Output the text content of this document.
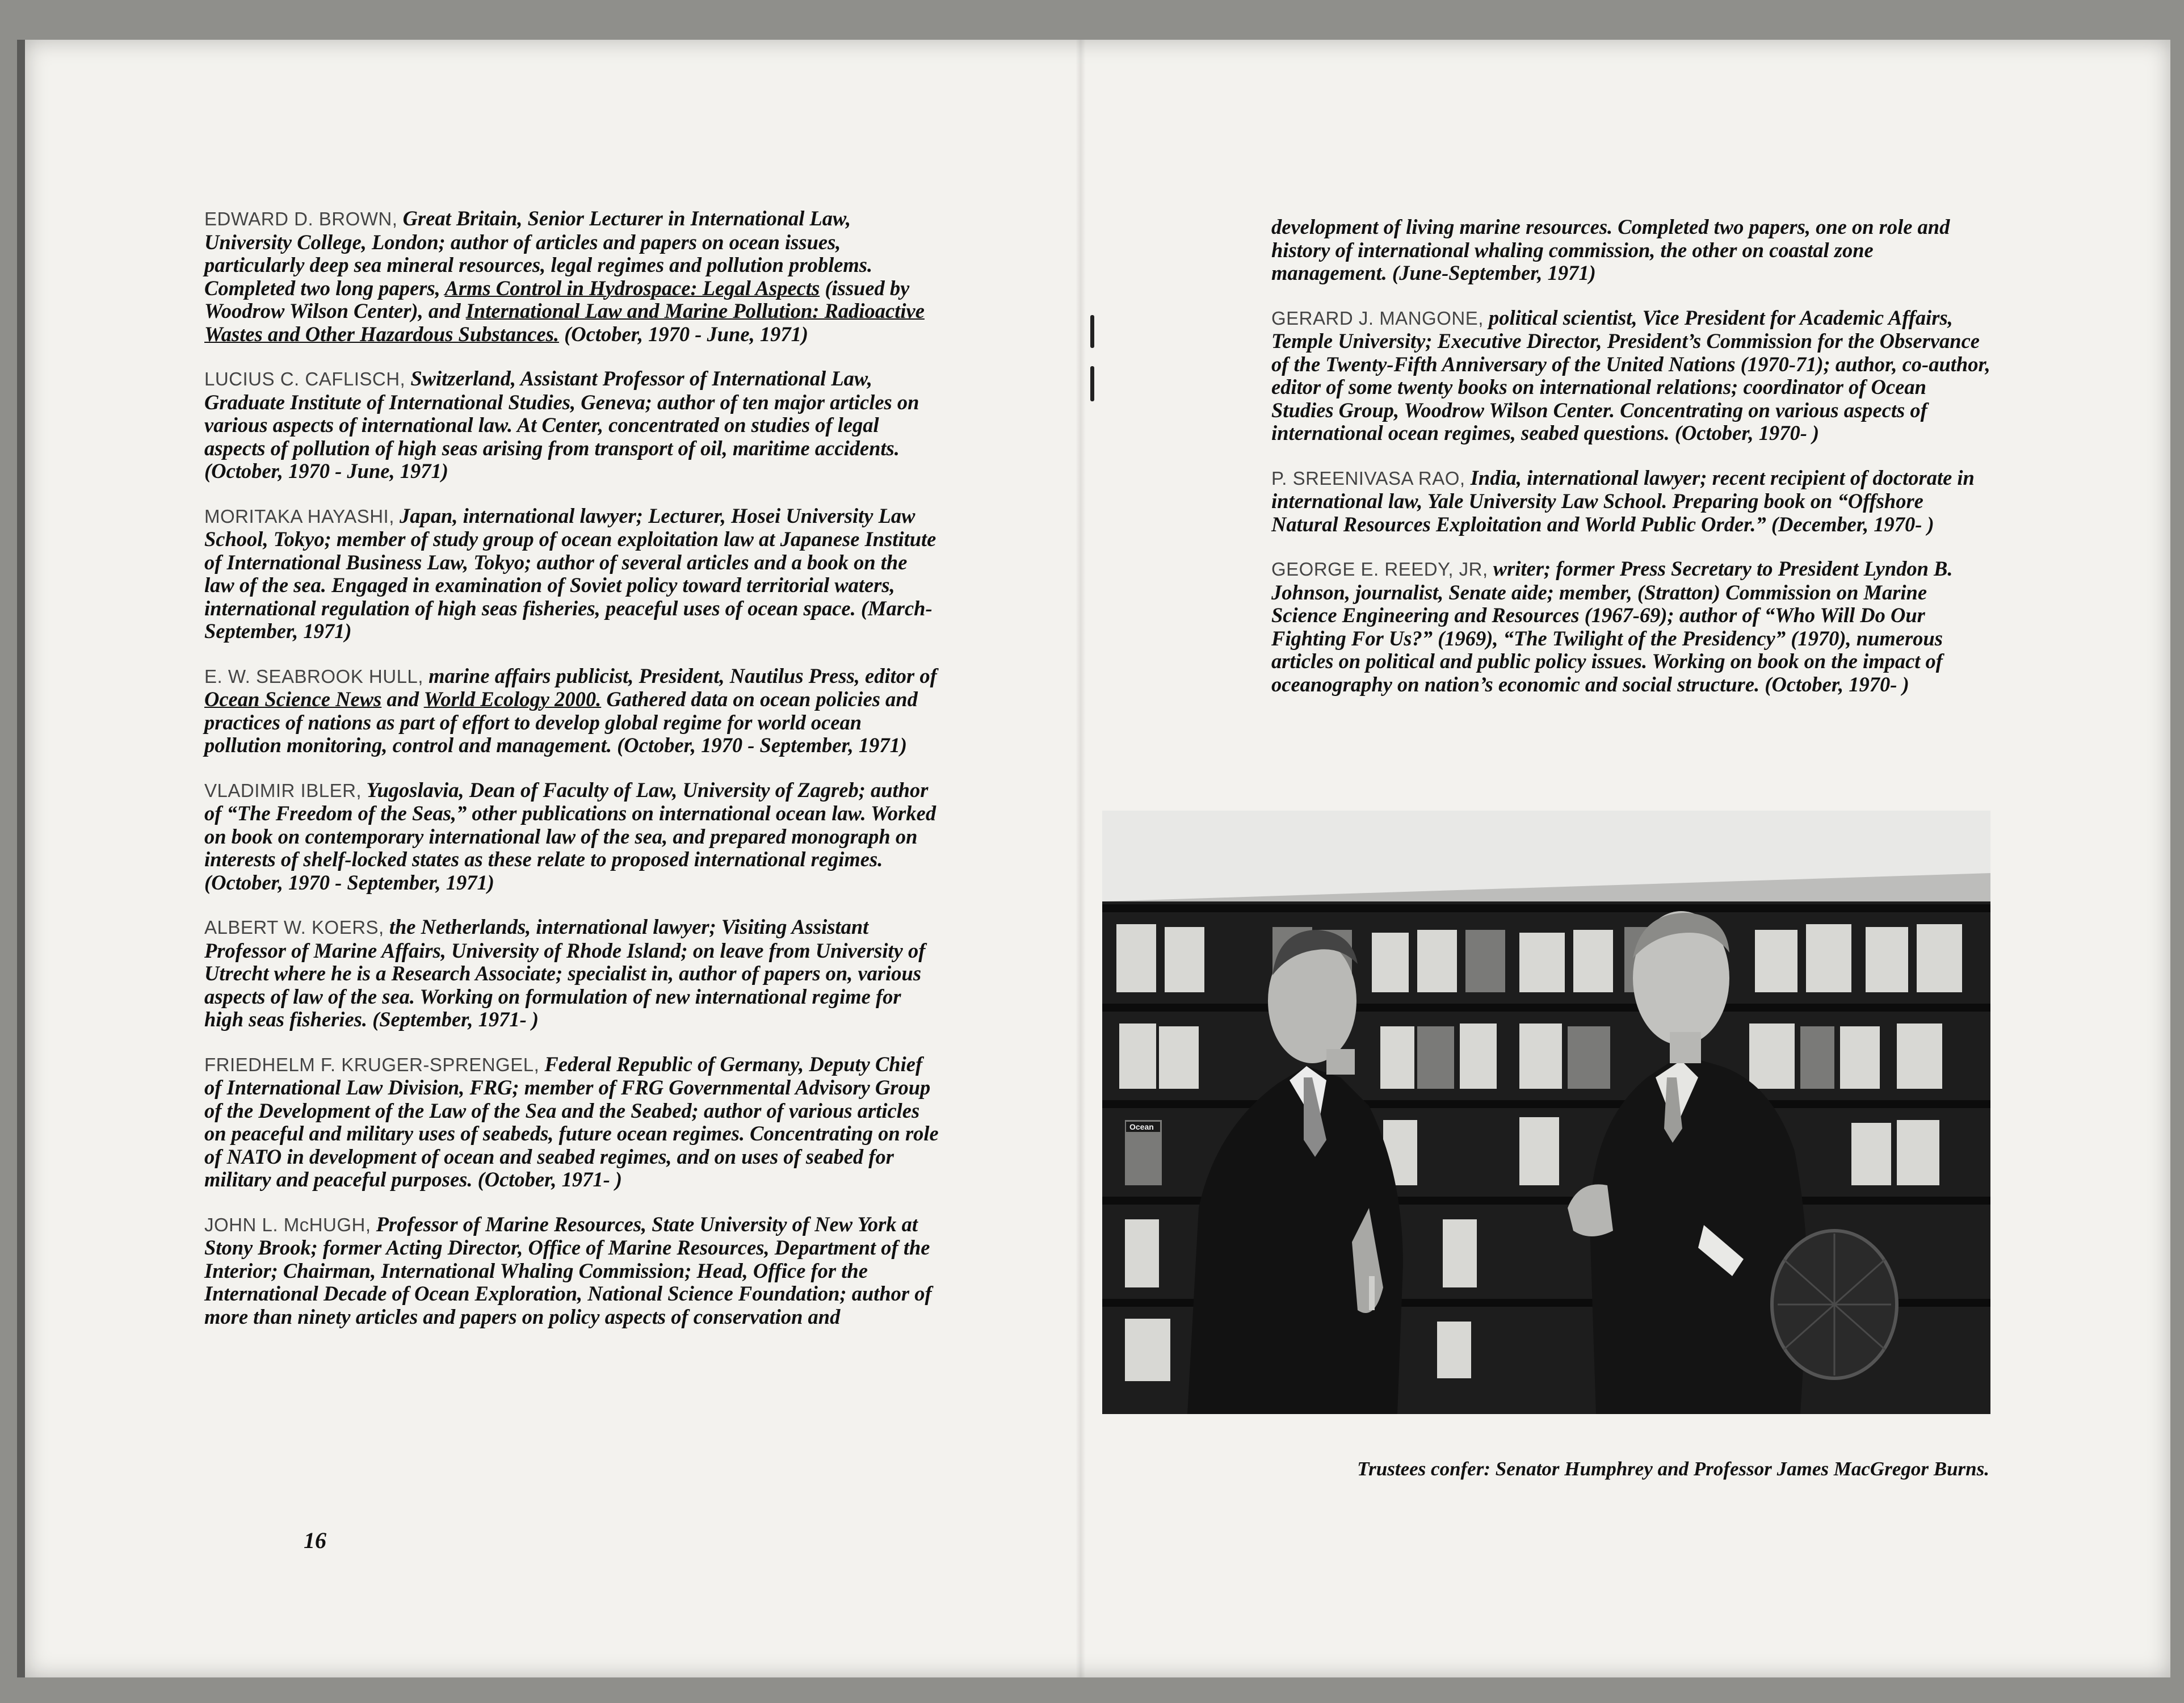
EDWARD D. BROWN, Great Britain, Senior Lecturer in International Law, University College, London; author of articles and papers on ocean issues, particularly deep sea mineral resources, legal regimes and pollution problems. Completed two long papers, Arms Control in Hydrospace: Legal Aspects (issued by Woodrow Wilson Center), and International Law and Marine Pollution: Radioactive Wastes and Other Hazardous Substances. (October, 1970 - June, 1971)
LUCIUS C. CAFLISCH, Switzerland, Assistant Professor of International Law, Graduate Institute of International Studies, Geneva; author of ten major articles on various aspects of international law. At Center, concentrated on studies of legal aspects of pollution of high seas arising from transport of oil, maritime accidents. (October, 1970 - June, 1971)
MORITAKA HAYASHI, Japan, international lawyer; Lecturer, Hosei University Law School, Tokyo; member of study group of ocean exploitation law at Japanese Institute of International Business Law, Tokyo; author of several articles and a book on the law of the sea. Engaged in examination of Soviet policy toward territorial waters, international regulation of high seas fisheries, peaceful uses of ocean space. (March-September, 1971)
E. W. SEABROOK HULL, marine affairs publicist, President, Nautilus Press, editor of Ocean Science News and World Ecology 2000. Gathered data on ocean policies and practices of nations as part of effort to develop global regime for world ocean pollution monitoring, control and management. (October, 1970 - September, 1971)
VLADIMIR IBLER, Yugoslavia, Dean of Faculty of Law, University of Zagreb; author of “The Freedom of the Seas,” other publications on international ocean law. Worked on book on contemporary international law of the sea, and prepared monograph on interests of shelf-locked states as these relate to proposed international regimes. (October, 1970 - September, 1971)
ALBERT W. KOERS, the Netherlands, international lawyer; Visiting Assistant Professor of Marine Affairs, University of Rhode Island; on leave from University of Utrecht where he is a Research Associate; specialist in, author of papers on, various aspects of law of the sea. Working on formulation of new international regime for high seas fisheries. (September, 1971- )
FRIEDHELM F. KRUGER-SPRENGEL, Federal Republic of Germany, Deputy Chief of International Law Division, FRG; member of FRG Governmental Advisory Group of the Development of the Law of the Sea and the Seabed; author of various articles on peaceful and military uses of seabeds, future ocean regimes. Concentrating on role of NATO in development of ocean and seabed regimes, and on uses of seabed for military and peaceful purposes. (October, 1971- )
JOHN L. McHUGH, Professor of Marine Resources, State University of New York at Stony Brook; former Acting Director, Office of Marine Resources, Department of the Interior; Chairman, International Whaling Commission; Head, Office for the International Decade of Ocean Exploration, National Science Foundation; author of more than ninety articles and papers on policy aspects of conservation and
16
development of living marine resources. Completed two papers, one on role and history of international whaling commission, the other on coastal zone management. (June-September, 1971)
GERARD J. MANGONE, political scientist, Vice President for Academic Affairs, Temple University; Executive Director, President’s Commission for the Observance of the Twenty-Fifth Anniversary of the United Nations (1970-71); author, co-author, editor of some twenty books on international relations; coordinator of Ocean Studies Group, Woodrow Wilson Center. Concentrating on various aspects of international ocean regimes, seabed questions. (October, 1970- )
P. SREENIVASA RAO, India, international lawyer; recent recipient of doctorate in international law, Yale University Law School. Preparing book on “Offshore Natural Resources Exploitation and World Public Order.” (December, 1970- )
GEORGE E. REEDY, JR, writer; former Press Secretary to President Lyndon B. Johnson, journalist, Senate aide; member, (Stratton) Commission on Marine Science Engineering and Resources (1967-69); author of “Who Will Do Our Fighting For Us?” (1969), “The Twilight of the Presidency” (1970), numerous articles on political and public policy issues. Working on book on the impact of oceanography on nation’s economic and social structure. (October, 1970- )
Ocean
Trustees confer: Senator Humphrey and Professor James MacGregor Burns.
